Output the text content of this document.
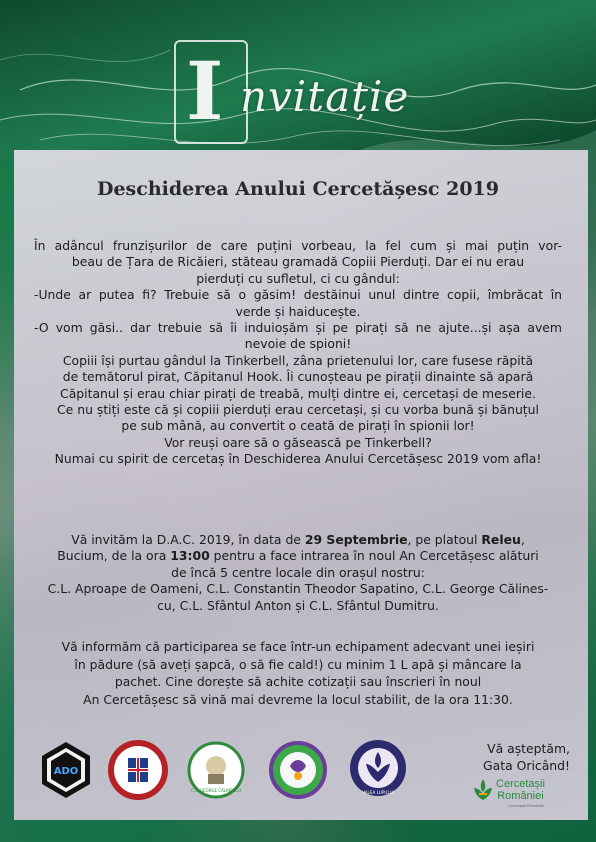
I nvitație
Deschiderea Anului Cercetășesc 2019

În adâncul frunzișurilor de care puțini vorbeau, la fel cum și mai puțin vor-

beau de Țara de Ricăieri, stăteau gramadă Copiii Pierduți. Dar ei nu erau

pierduți cu sufletul, ci cu gândul:

-Unde ar putea fi? Trebuie să o găsim! destăinui unul dintre copii, îmbrăcat în

verde și haiducește.

-O vom găsi.. dar trebuie să îi induioșăm și pe pirați să ne ajute...și așa avem

nevoie de spioni!

Copiii își purtau gândul la Tinkerbell, zâna prietenului lor, care fusese răpită

de temătorul pirat, Căpitanul Hook. Îi cunoșteau pe pirații dinainte să apară

Căpitanul și erau chiar pirați de treabă, mulți dintre ei, cercetași de meserie.

Ce nu știți este că și copiii pierduți erau cercetași, și cu vorba bună și bănuțul

pe sub mână, au convertit o ceată de pirați în spionii lor!

Vor reuși oare să o găsească pe Tinkerbell?

Numai cu spirit de cercetaș în Deschiderea Anului Cercetășesc 2019 vom afla!

Vă invităm la D.A.C. 2019, în data de 29 Septembrie, pe platoul Releu,

Bucium, de la ora 13:00 pentru a face intrarea în noul An Cercetășesc alături

de încă 5 centre locale din orașul nostru:

C.L. Aproape de Oameni, C.L. Constantin Theodor Sapatino, C.L. George Călines-

cu, C.L. Sfântul Anton și C.L. Sfântul Dumitru.

Vă informăm că participarea se face într-un echipament adecvant unei ieșiri

în pădure (să aveți șapcă, o să fie cald!) cu minim 1 L apă și mâncare la

pachet. Cine dorește să achite cotizații sau înscrieri în noul

An Cercetășesc să vină mai devreme la locul stabilit, de la ora 11:30.

ADO
C.L. GEORGE CĂLINESCU	VALEA LUPULUI

Vă așteptăm,

Gata Oricând!

Cercetașii
României
Cercetașii României
